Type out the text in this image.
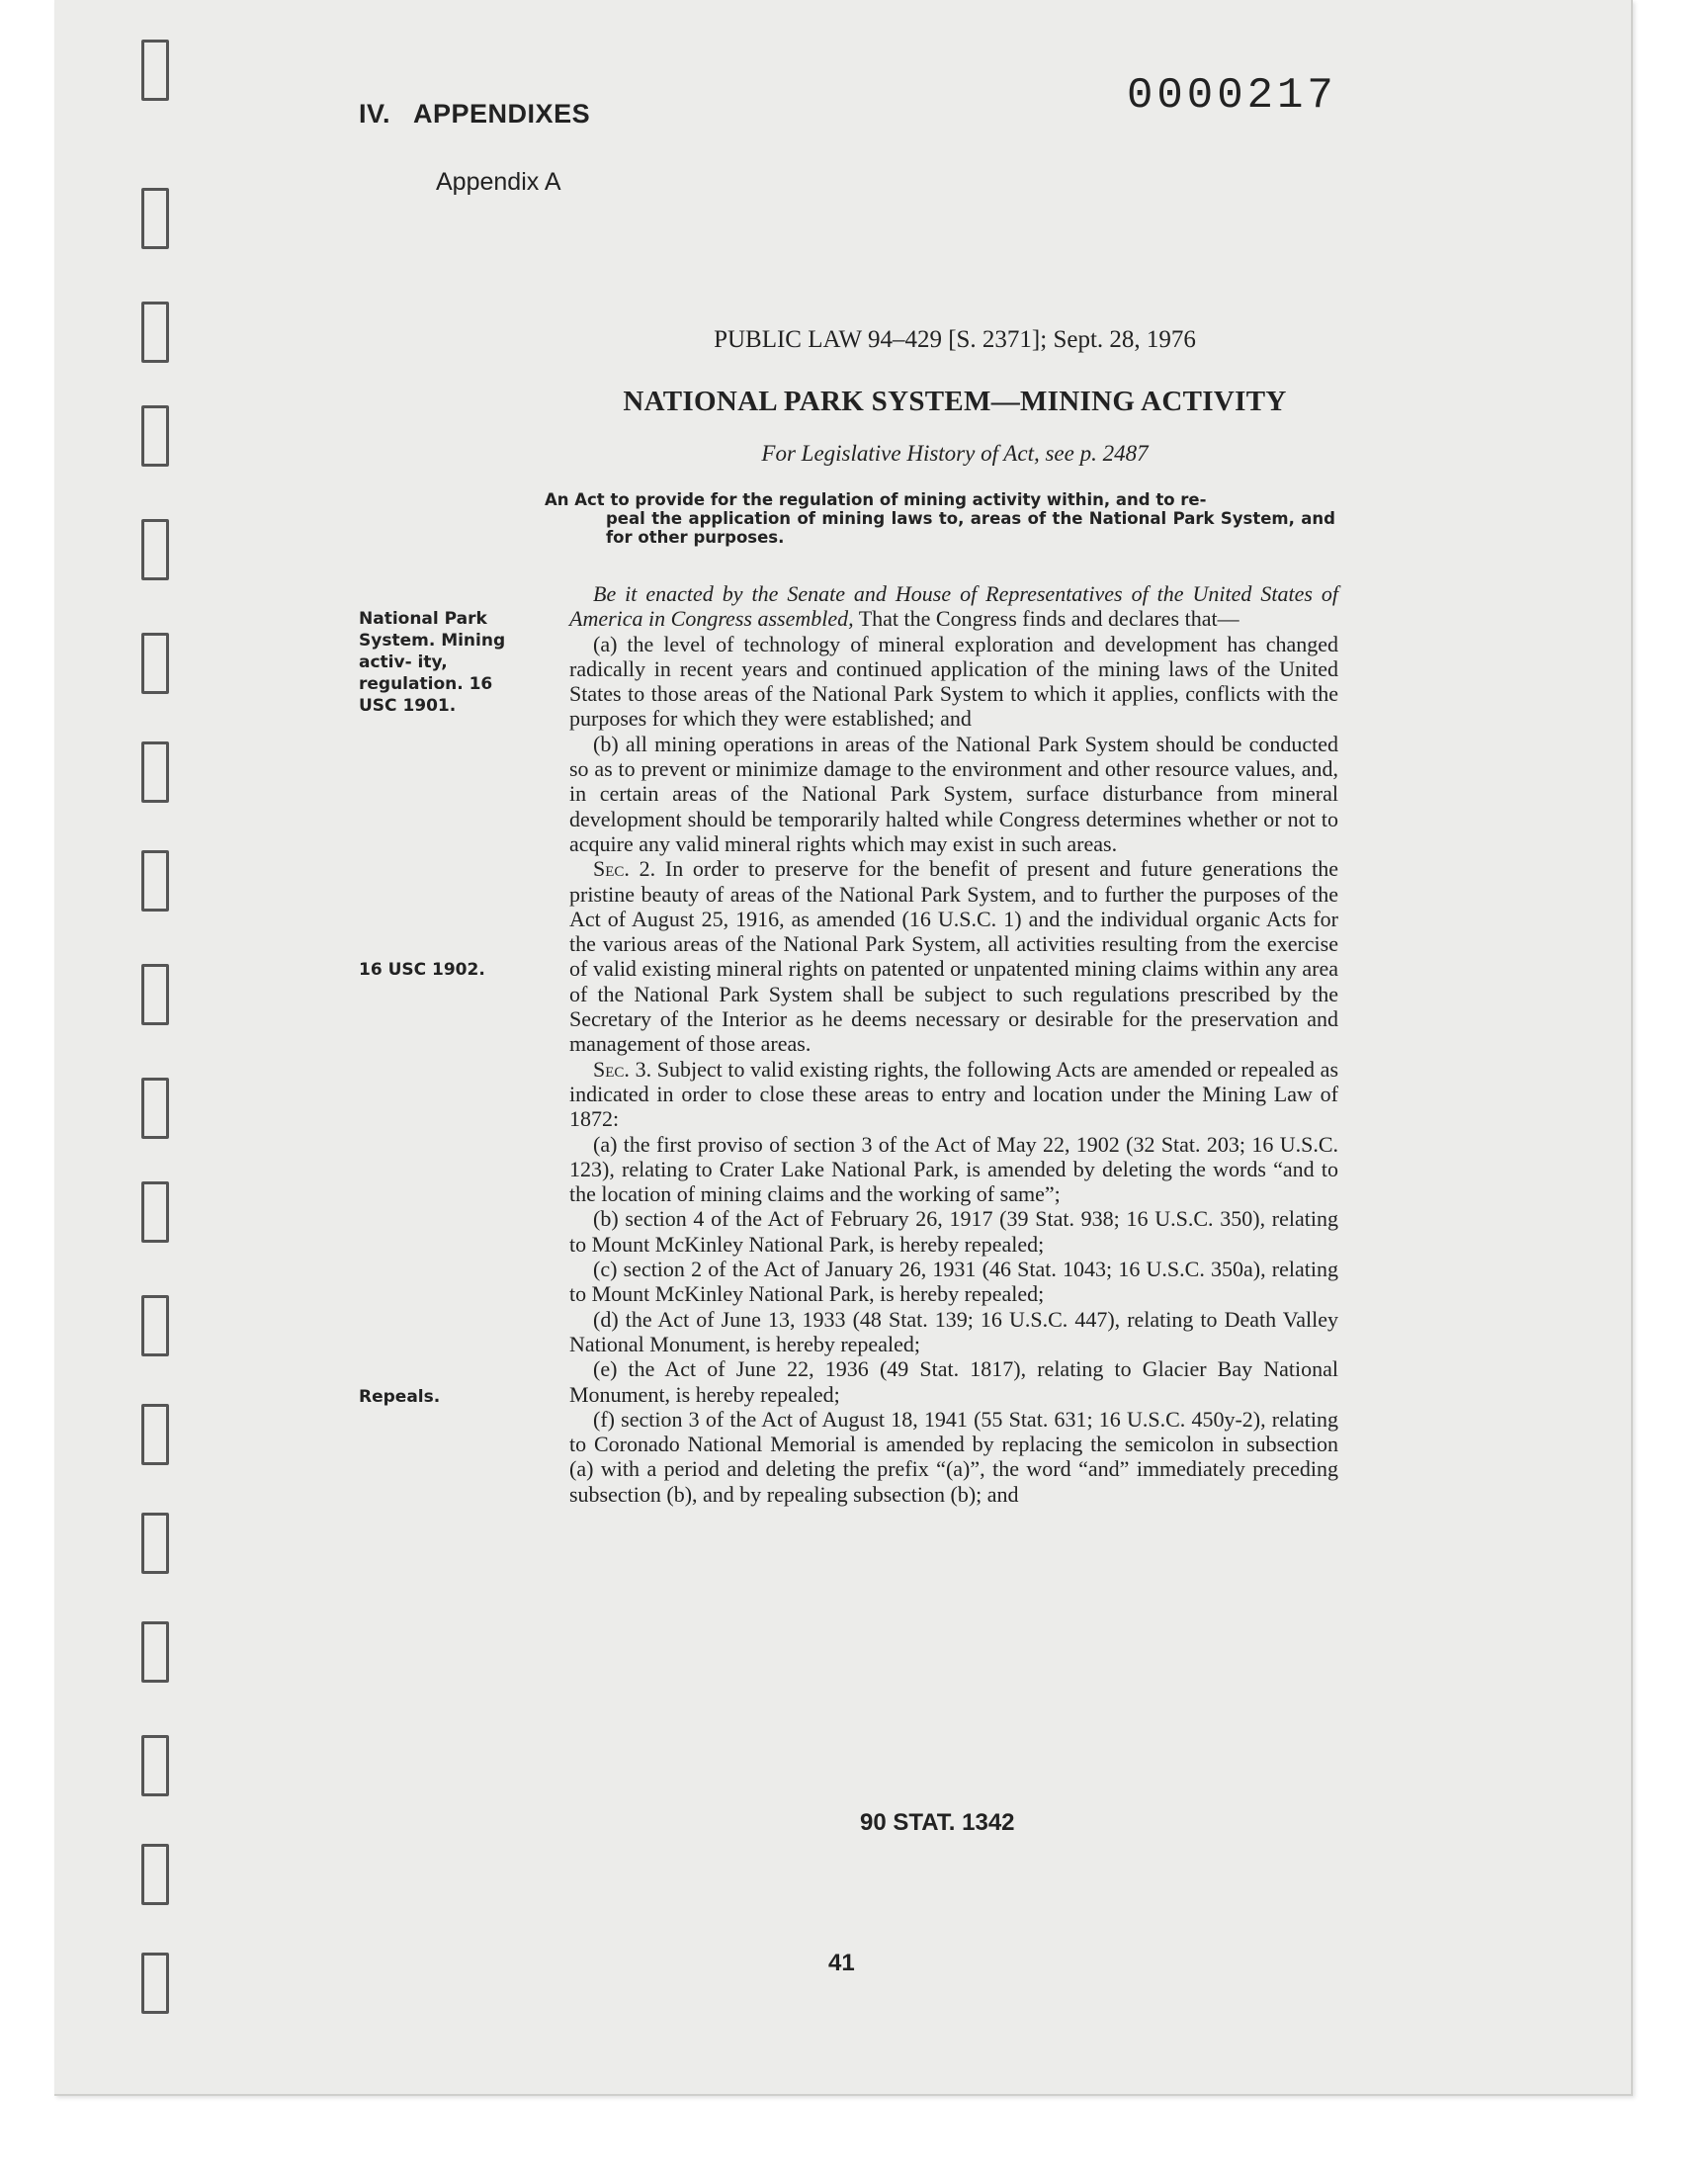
IV.   APPENDIXES
Appendix A
0000217
PUBLIC LAW 94–429 [S. 2371]; Sept. 28, 1976
NATIONAL PARK SYSTEM—MINING ACTIVITY
For Legislative History of Act, see p. 2487
An Act to provide for the regulation of mining activity within, and to re-
peal the application of mining laws to, areas of the National Park System, and for other purposes.
National Park System. Mining activ- ity, regulation. 16 USC 1901.
16 USC 1902.
Repeals.

Be it enacted by the Senate and House of Representatives of the United States of America in Congress assembled, That the Congress finds and declares that—

(a) the level of technology of mineral exploration and development has changed radically in recent years and continued application of the mining laws of the United States to those areas of the National Park System to which it applies, conflicts with the purposes for which they were established; and

(b) all mining operations in areas of the National Park System should be conducted so as to prevent or minimize damage to the environment and other resource values, and, in certain areas of the National Park System, surface disturbance from mineral development should be temporarily halted while Congress determines whether or not to acquire any valid mineral rights which may exist in such areas.

Sec. 2. In order to preserve for the benefit of present and future generations the pristine beauty of areas of the National Park System, and to further the purposes of the Act of August 25, 1916, as amended (16 U.S.C. 1) and the individual organic Acts for the various areas of the National Park System, all activities resulting from the exercise of valid existing mineral rights on patented or unpatented mining claims within any area of the National Park System shall be subject to such regulations prescribed by the Secretary of the Interior as he deems necessary or desirable for the preservation and management of those areas.

Sec. 3. Subject to valid existing rights, the following Acts are amended or repealed as indicated in order to close these areas to entry and location under the Mining Law of 1872:

(a) the first proviso of section 3 of the Act of May 22, 1902 (32 Stat. 203; 16 U.S.C. 123), relating to Crater Lake National Park, is amended by deleting the words “and to the location of mining claims and the working of same”;

(b) section 4 of the Act of February 26, 1917 (39 Stat. 938; 16 U.S.C. 350), relating to Mount McKinley National Park, is hereby repealed;

(c) section 2 of the Act of January 26, 1931 (46 Stat. 1043; 16 U.S.C. 350a), relating to Mount McKinley National Park, is hereby repealed;

(d) the Act of June 13, 1933 (48 Stat. 139; 16 U.S.C. 447), relating to Death Valley National Monument, is hereby repealed;

(e) the Act of June 22, 1936 (49 Stat. 1817), relating to Glacier Bay National Monument, is hereby repealed;

(f) section 3 of the Act of August 18, 1941 (55 Stat. 631; 16 U.S.C. 450y-2), relating to Coronado National Memorial is amended by replacing the semicolon in subsection (a) with a period and deleting the prefix “(a)”, the word “and” immediately preceding subsection (b), and by repealing subsection (b); and

90 STAT. 1342
41
